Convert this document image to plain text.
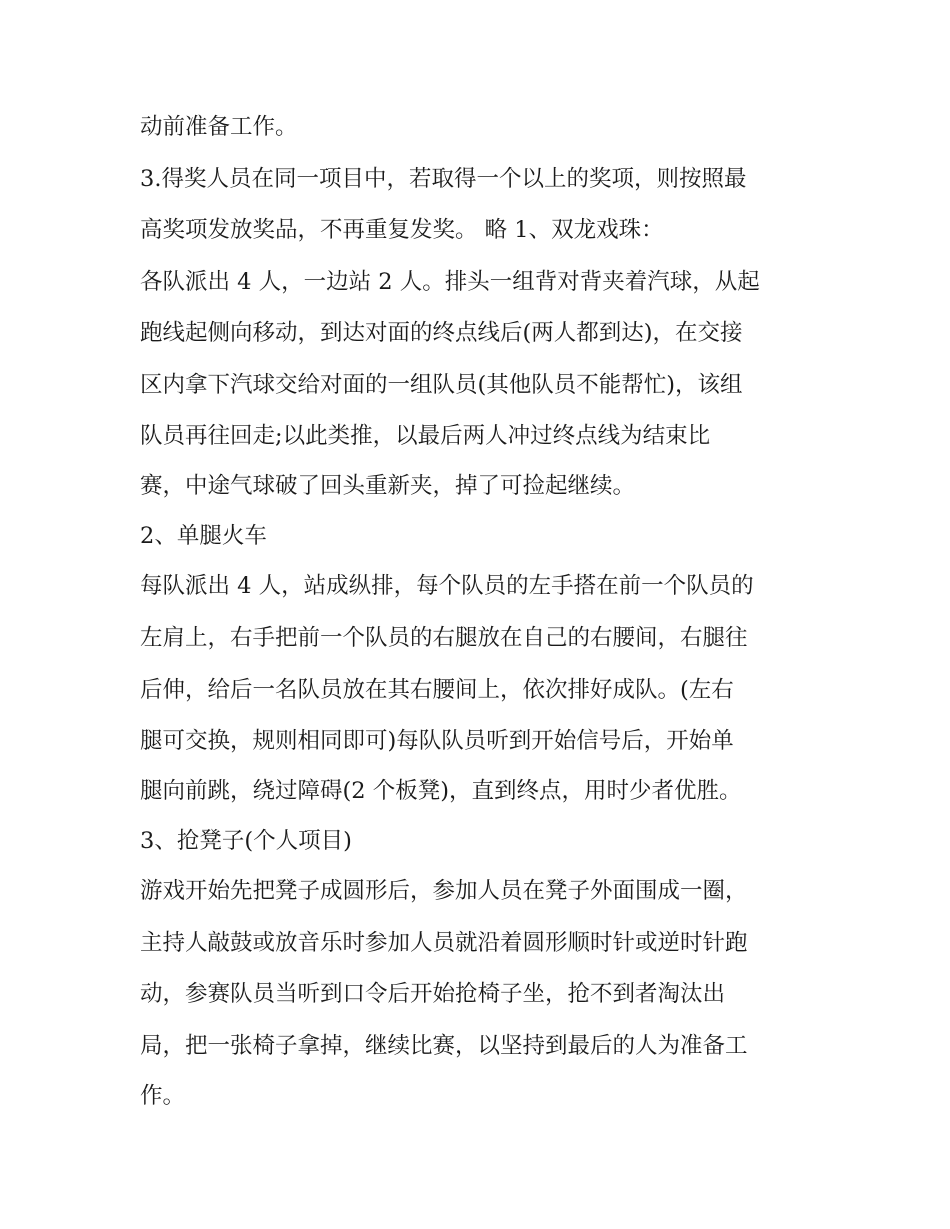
动前准备工作。
3.得奖人员在同一项目中，若取得一个以上的奖项，则按照最
高奖项发放奖品，不再重复发奖。 略 1、双龙戏珠：
各队派出 4 人，一边站 2 人。排头一组背对背夹着汽球，从起
跑线起侧向移动，到达对面的终点线后(两人都到达)，在交接
区内拿下汽球交给对面的一组队员(其他队员不能帮忙)，该组
队员再往回走;以此类推，以最后两人冲过终点线为结束比
赛，中途气球破了回头重新夹，掉了可捡起继续。
2、单腿火车
每队派出 4 人，站成纵排，每个队员的左手搭在前一个队员的
左肩上，右手把前一个队员的右腿放在自己的右腰间，右腿往
后伸，给后一名队员放在其右腰间上，依次排好成队。(左右
腿可交换，规则相同即可)每队队员听到开始信号后，开始单
腿向前跳，绕过障碍(2 个板凳)，直到终点，用时少者优胜。
3、抢凳子(个人项目)
游戏开始先把凳子成圆形后，参加人员在凳子外面围成一圈，
主持人敲鼓或放音乐时参加人员就沿着圆形顺时针或逆时针跑
动，参赛队员当听到口令后开始抢椅子坐，抢不到者淘汰出
局，把一张椅子拿掉，继续比赛，以坚持到最后的人为准备工
作。
